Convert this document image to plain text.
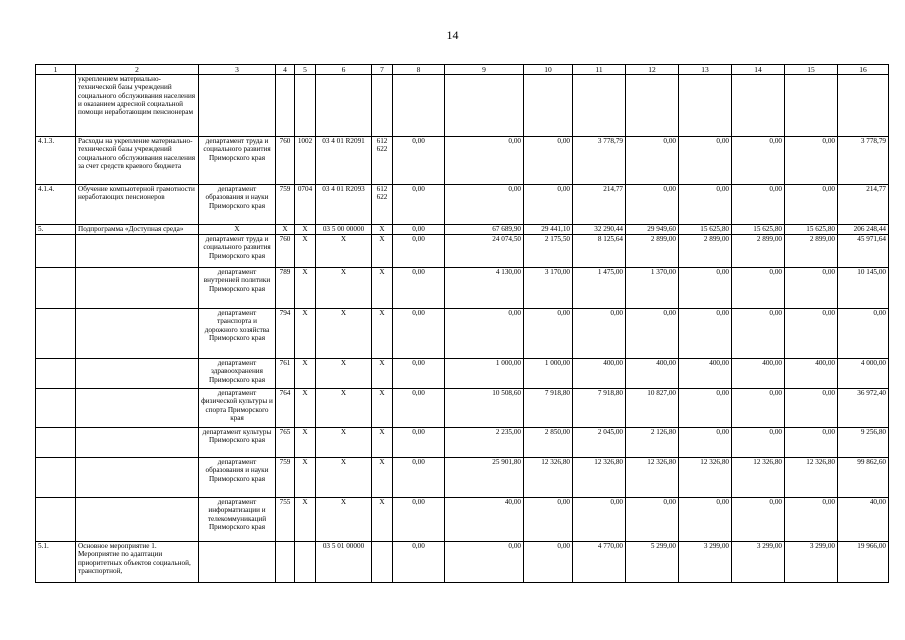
14
1	2	3	4	5	6	7	8	9	10	11	12	13	14	15	16
	укреплением материально-технической базы учреждений социального обслуживания населения и оказанием адресной социальной помощи неработающим пенсионерам														
4.1.3.	Расходы на укрепление материально-технической базы учреждений социального обслуживания населения за счет средств краевого бюджета	департамент труда и социального развития Приморского края	760	1002	03 4 01 R2091	612 622	0,00	0,00	0,00	3 778,79	0,00	0,00	0,00	0,00	3 778,79
4.1.4.	Обучение компьютерной грамотности неработающих пенсионеров	департамент образования и науки Приморского края	759	0704	03 4 01 R2093	612 622	0,00	0,00	0,00	214,77	0,00	0,00	0,00	0,00	214,77
5.	Подпрограмма «Доступная среда»	Х	Х	Х	03 5 00 00000	Х	0,00	67 689,90	29 441,10	32 290,44	29 949,60	15 625,80	15 625,80	15 625,80	206 248,44
		департамент труда и социального развития Приморского края	760	Х	Х	Х	0,00	24 074,50	2 175,50	8 125,64	2 899,00	2 899,00	2 899,00	2 899,00	45 971,64
		департамент внутренней политики Приморского края	789	Х	Х	Х	0,00	4 130,00	3 170,00	1 475,00	1 370,00	0,00	0,00	0,00	10 145,00
		департамент транспорта и дорожного хозяйства Приморского края	794	Х	Х	Х	0,00	0,00	0,00	0,00	0,00	0,00	0,00	0,00	0,00
		департамент здравоохранения Приморского края	761	Х	Х	Х	0,00	1 000,00	1 000,00	400,00	400,00	400,00	400,00	400,00	4 000,00
		департамент физической культуры и спорта Приморского края	764	Х	Х	Х	0,00	10 508,60	7 918,80	7 918,80	10 827,00	0,00	0,00	0,00	36 972,40
		департамент культуры Приморского края	765	Х	Х	Х	0,00	2 235,00	2 850,00	2 045,00	2 126,80	0,00	0,00	0,00	9 256,80
		департамент образования и науки Приморского края	759	Х	Х	Х	0,00	25 901,80	12 326,80	12 326,80	12 326,80	12 326,80	12 326,80	12 326,80	99 862,60
		департамент информатизации и телекоммуникаций Приморского края	755	Х	Х	Х	0,00	40,00	0,00	0,00	0,00	0,00	0,00	0,00	40,00
5.1.	Основное мероприятие 1. Мероприятие по адаптации приоритетных объектов социальной, транспортной,				03 5 01 00000		0,00	0,00	0,00	4 770,00	5 299,00	3 299,00	3 299,00	3 299,00	19 966,00
